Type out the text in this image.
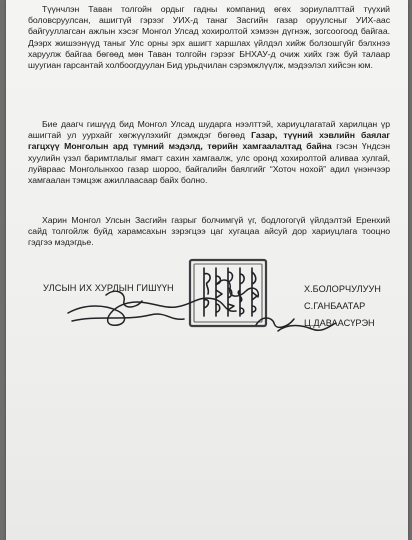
Түүнчлэн Таван толгойн ордыг гадны компанид өгөх зориулалттай түүхий боловсруулсан, ашигтүй гэрээг УИХ-д танаг Засгийн газар оруулсныг УИХ-аас байгууллагсан ажлын хэсэг Монгол Улсад хохиролтой хэмээн дүгнэж, зогсоогоод байгаа. Дээрх жишээнүүд таныг Улс орны эрх ашигт харшлах үйлдэл хийж болзошгүйг бэлхнээ харуулж байгаа бөгөөд мөн Таван толгойн гэрээг БНХАУ-д очиж хийх гэж буй талаар шуугиан гарсантай холбоогдуулан Бид урьдчилан сэрэмжлүүлж, мэдээлэл хийсэн юм.

Бие даагч гишүүд бид Монгол Улсад шударга нээлттэй, хариуцлагатай харилцан үр ашигтай ул уурхайг хөгжүүлэхийг дэмждэг бөгөөд Газар, түүний хэвлийн баялаг гагцхүү Монголын ард түмний мэдэлд, төрийн хамгаалалтад байна гэсэн Үндсэн хуулийн үзэл баримтлалыг ямагт сахин хамгаалж, улс оронд хохиролтой аливаа хулгай, луйвраас Монголынхоо газар шороо, байгалийн баялгийг “Хоточ нохой” адил үнэнчээр хамгаалан тэмцэж ажиллаасаар байх болно.

Харин Монгол Улсын Засгийн газрыг болчимгүй үг, бодлогогүй үйлдэлтэй Еренхий сайд толгойлж буйд харамсахын зэрэгцээ цаг хугацаа айсуй дор хариуцлага тооцно гэдгээ мэдэгдье.

УЛСЫН ИХ ХУРЛЫН ГИШҮҮН	Х.БОЛОРЧУЛУУН
С.ГАНБААТАР
Ц.ДАВААСҮРЭН
